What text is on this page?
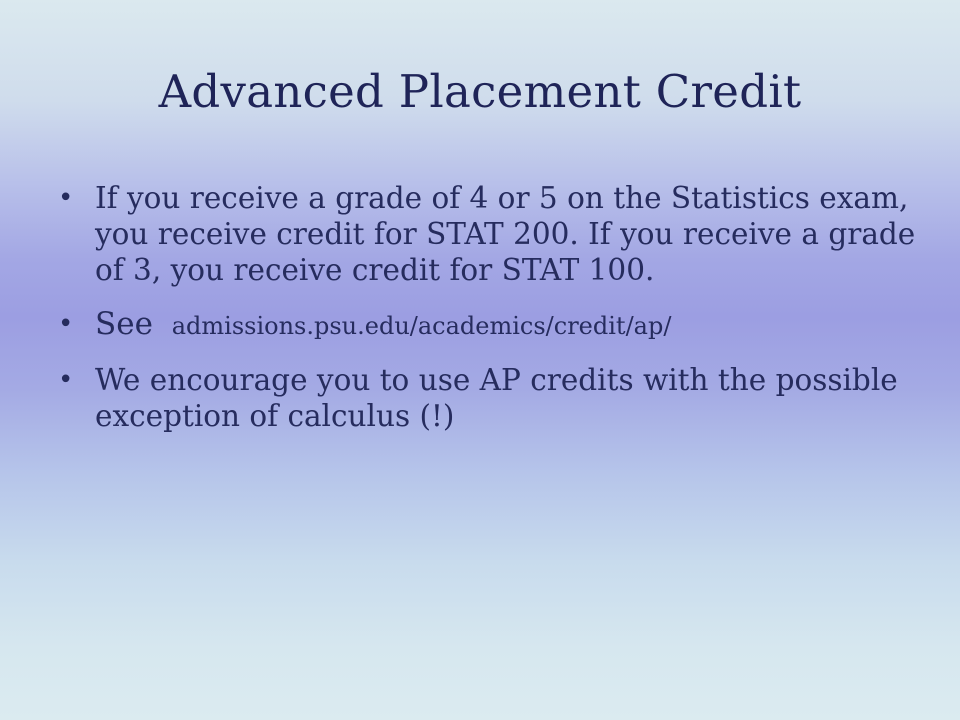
Advanced Placement Credit
• If you receive a grade of 4 or 5 on the Statistics exam, you receive credit for STAT 200. If you receive a grade of 3, you receive credit for STAT 100.
• See admissions.psu.edu/academics/credit/ap/
• We encourage you to use AP credits with the possible exception of calculus (!)
